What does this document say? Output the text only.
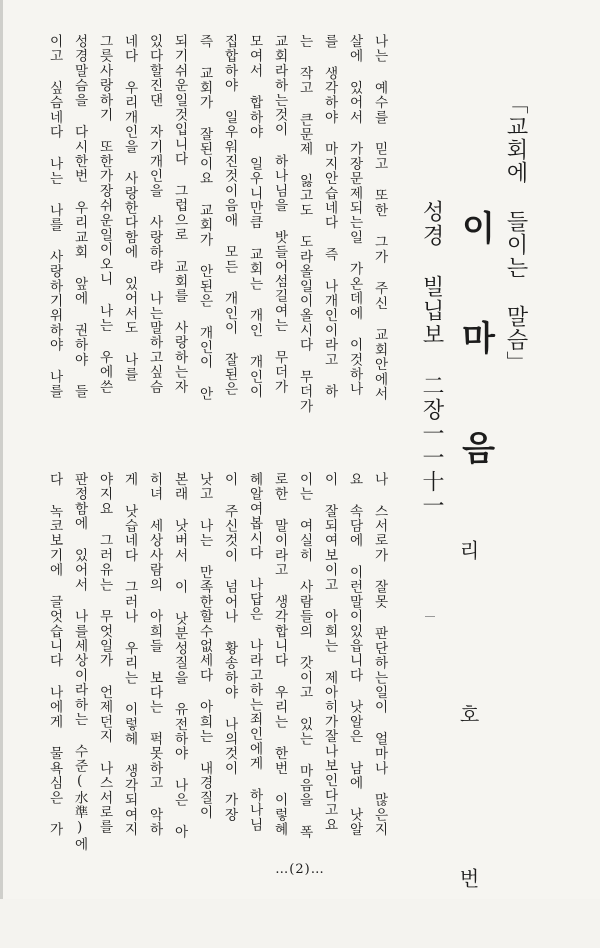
「교회에 들이는 말슴」
이 마 음
성경 빌닙보 二장一一十一
리 호 번
나는 예수를 믿고 또한 그가 주신 교회안에서
살에 있어서 가장문제되는일 가온데에 이것하나
를 생각하야 마지안습네다 즉 나개인이라고 하
는 작고 큰문제 잃고도 도라올일이올시다 무더가
교회라하는것이 하나님을 밧들어섬길여는 무더가
모여서 합하야 일우니만큼 교회는 개인 개인이
집합하야 일우워진것이음애 모든 개인이 잘된은
즉 교회가 잘된이요 교회가 안된은 개인이 안
되기쉬운일것입니다 그럽으로 교회를 사랑하는자
있다할진댄 자기개인을 사랑하랴 나는말하고싶슴
네다 우리개인을 사랑한다함에 있어서도 나를
그릇사랑하기 또한가장쉬운일이오니 나는 우에쓴
성경말슴을 다시한번 우리교회 앞에 권하야 들
이고 싶슴네다 나는 나를 사랑하기위하야 나를
나 스서로가 잘못 판단하는일이 얼마나 많은지
요 속담에 이런말이있읍니다 낫알은 남에 낫알
이 잘되여보이고 아희는 제아히가잘나보인다고요
이는 여실히 사람들의 갓이고 있는 마음을 폭
로한 말이라고 생각합니다 우리는 한번 이렇혜
헤알여봅시다 나답은 나라고하는죄인에게 하나님
이 주신것이 넘어나 황송하야 나의것이 가장
낫고 나는 만족한할수없세다 아희는 내경질이
본래 낫버서 이 낫분성질을 유전하야 나은 아
히녀 세상사람의 아희들 보다는 퍽못하고 악하
게 낫습네다 그러나 우리는 이렇헤 생각되여지
야지요 그러유는 무엇일가 언제던지 나스서로를
판정함에 있어서 나를세상이라하는 수준(水準)에
다 녹코보기에 글엇습니다 나에게 물욕심은 가
…(2)…
